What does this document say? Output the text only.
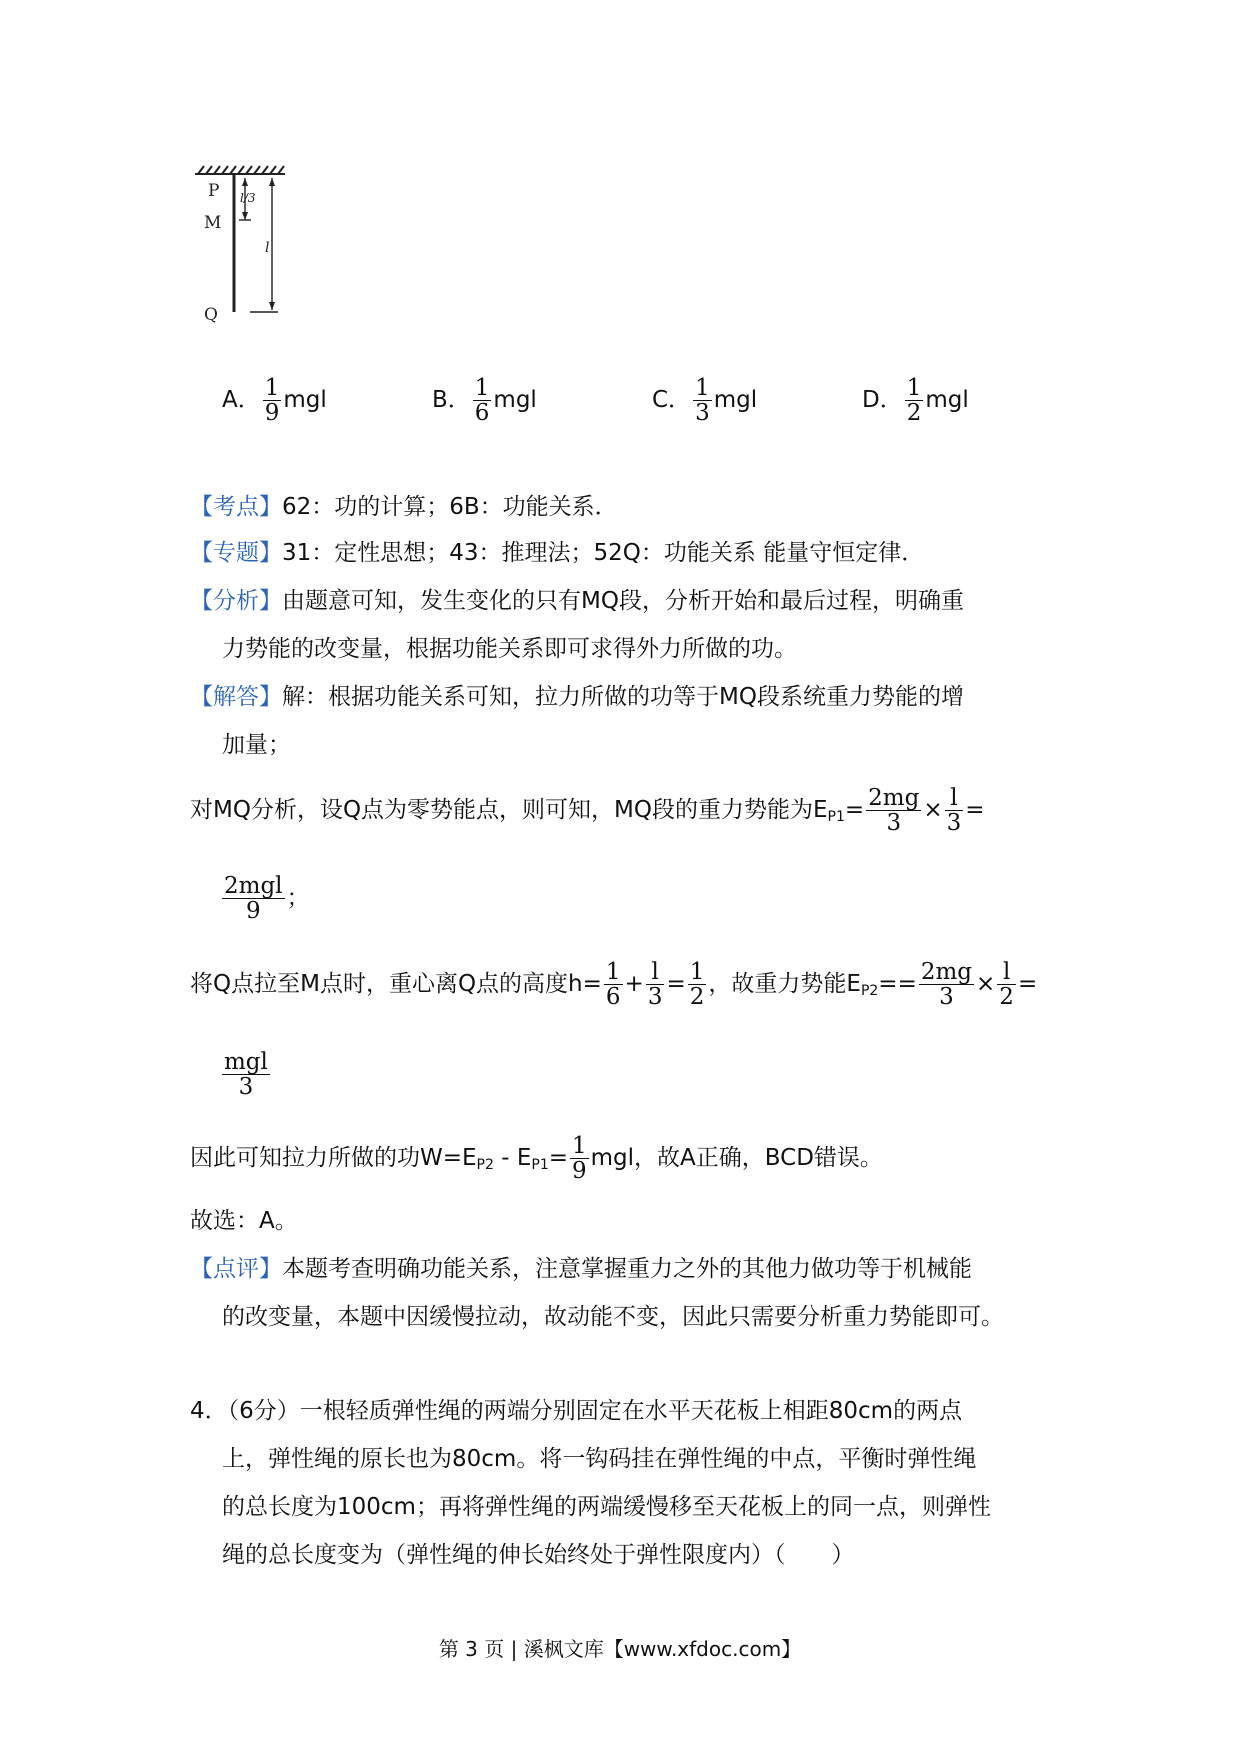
P
M
Q
l/3
l
A． $\frac{1}{9}$ mgl	B． $\frac{1}{6}$ mgl	C． $\frac{1}{3}$ mgl	D． $\frac{1}{2}$ mgl
【考点】62：功的计算；6B：功能关系．
【专题】31：定性思想；43：推理法；52Q：功能关系 能量守恒定律．
【分析】由题意可知，发生变化的只有MQ段，分析开始和最后过程，明确重
力势能的改变量，根据功能关系即可求得外力所做的功。
【解答】解：根据功能关系可知，拉力所做的功等于MQ段系统重力势能的增
加量；
对MQ分析，设Q点为零势能点，则可知，MQ段的重力势能为$E_{P1}= \frac{2mg}{3} \times \frac{l}{3}$ =
$\frac{\text{2mgl}}{9}$ ；
将Q点拉至M点时，重心离Q点的高度$h= \frac{1}{6} + \frac{l}{3} = \frac{1}{2}$ ，故重力势能$E_{P2}== \frac{2mg}{3} \times \frac{l}{2}$ =
$\frac{\text{mgl}}{3}$
因此可知拉力所做的功$W=E_{P2} - E_{P1}= \frac{1}{9}$ mgl，故A正确，BCD错误。
故选：A。
【点评】本题考查明确功能关系，注意掌握重力之外的其他力做功等于机械能
的改变量，本题中因缓慢拉动，故动能不变，因此只需要分析重力势能即可。
4．（6分）一根轻质弹性绳的两端分别固定在水平天花板上相距80cm的两点
上，弹性绳的原长也为80cm。将一钩码挂在弹性绳的中点，平衡时弹性绳
的总长度为100cm；再将弹性绳的两端缓慢移至天花板上的同一点，则弹性
绳的总长度变为（弹性绳的伸长始终处于弹性限度内）（　　）
第 3 页 | 溪枫文库【www.xfdoc.com】
